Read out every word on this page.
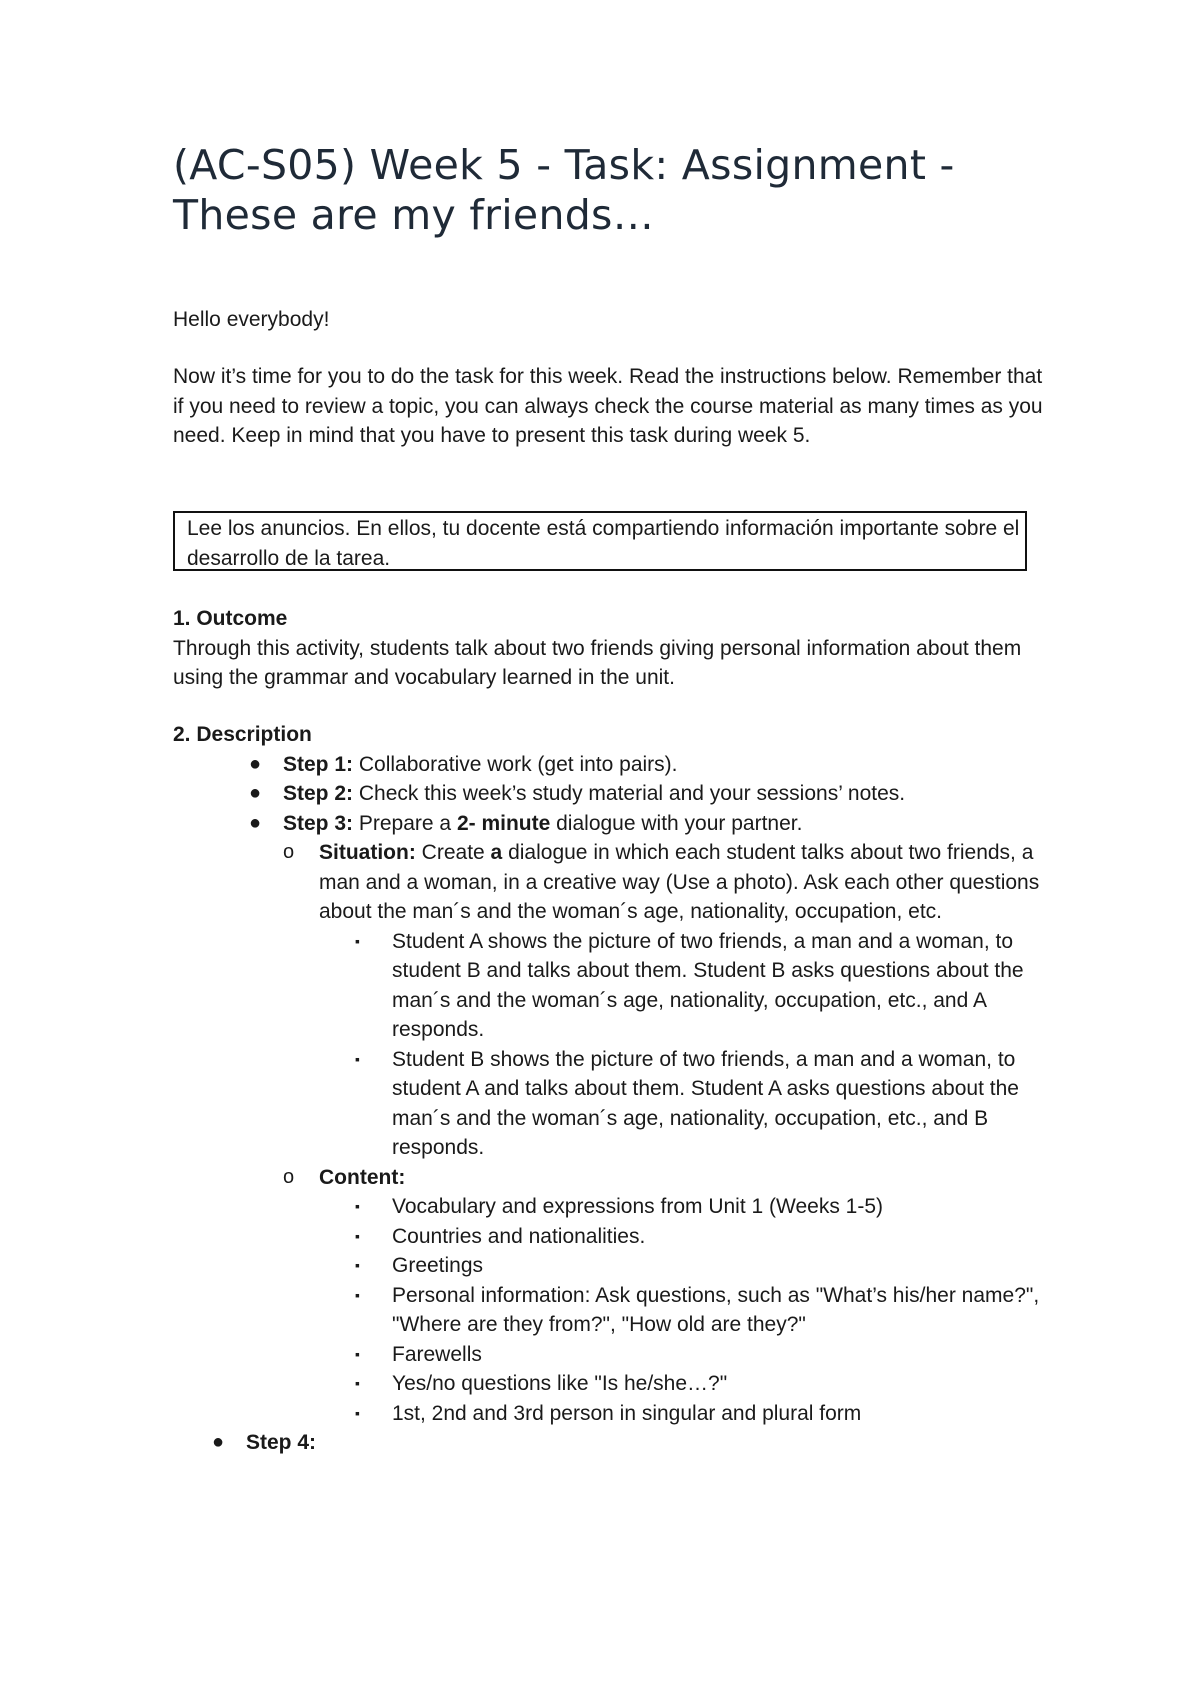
(AC-S05) Week 5 - Task: Assignment - These are my friends…
Hello everybody!
Now it’s time for you to do the task for this week. Read the instructions below. Remember that if you need to review a topic, you can always check the course material as many times as you need. Keep in mind that you have to present this task during week 5.
Lee los anuncios. En ellos, tu docente está compartiendo información importante sobre el desarrollo de la tarea.
1. Outcome
Through this activity, students talk about two friends giving personal information about them using the grammar and vocabulary learned in the unit.
2. Description
● Step 1: Collaborative work (get into pairs).
● Step 2: Check this week’s study material and your sessions’ notes.
● Step 3: Prepare a 2- minute dialogue with your partner.
o Situation: Create a dialogue in which each student talks about two friends, a man and a woman, in a creative way (Use a photo). Ask each other questions about the man´s and the woman´s age, nationality, occupation, etc.
▪ Student A shows the picture of two friends, a man and a woman, to student B and talks about them. Student B asks questions about the man´s and the woman´s age, nationality, occupation, etc., and A responds.
▪ Student B shows the picture of two friends, a man and a woman, to student A and talks about them. Student A asks questions about the man´s and the woman´s age, nationality, occupation, etc., and B responds.
o Content:
▪ Vocabulary and expressions from Unit 1 (Weeks 1-5)
▪ Countries and nationalities.
▪ Greetings
▪ Personal information: Ask questions, such as "What’s his/her name?", "Where are they from?", "How old are they?"
▪ Farewells
▪ Yes/no questions like "Is he/she…?"
▪ 1st, 2nd and 3rd person in singular and plural form
● Step 4:
